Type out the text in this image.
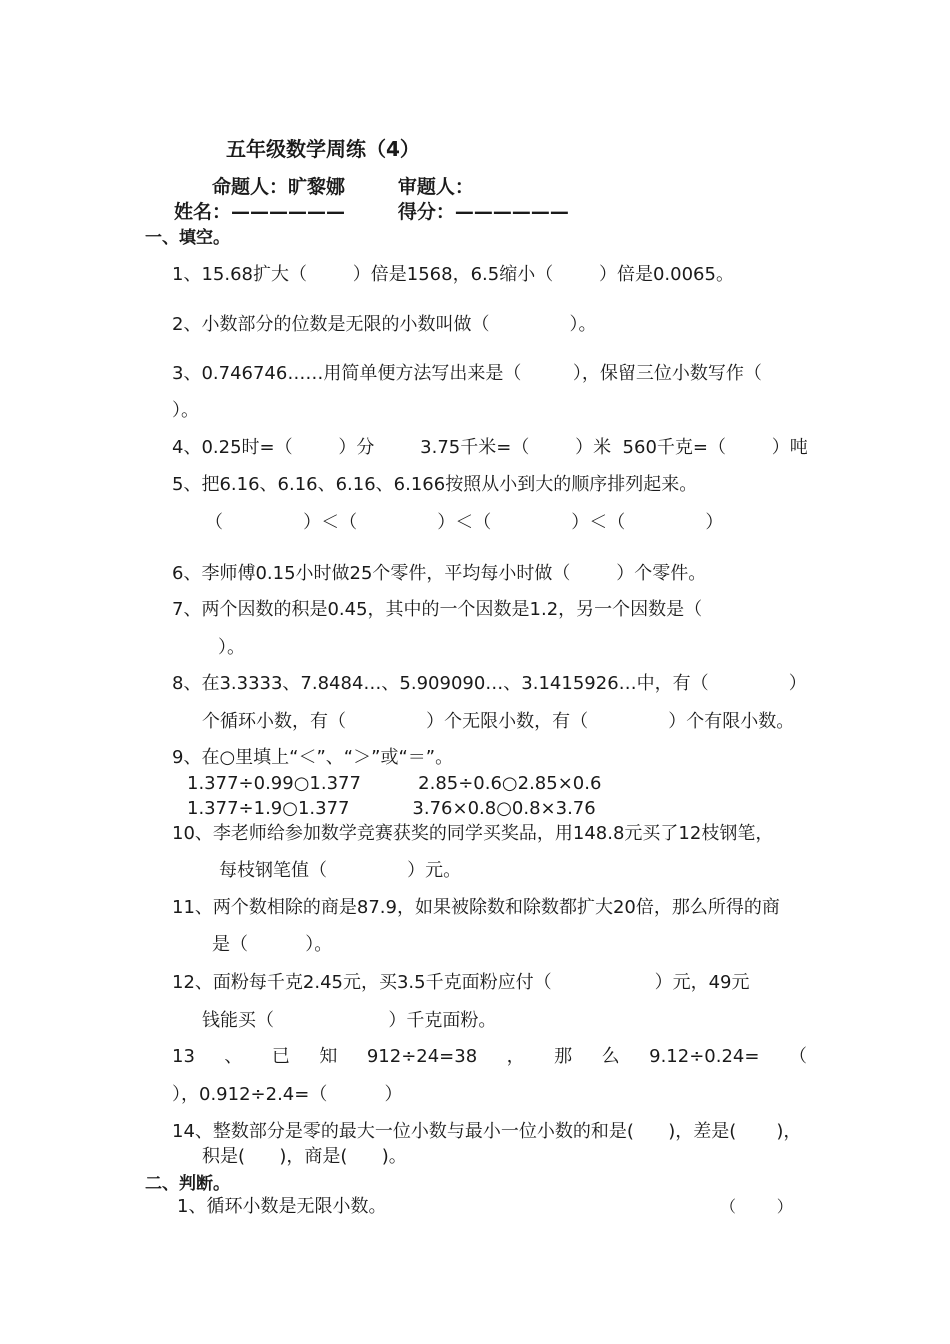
五年级数学周练（4）
命题人：旷黎娜        审题人：
姓名：——————        得分：——————
一、填空。
1、15.68扩大（        ）倍是1568，6.5缩小（        ）倍是0.0065。
2、小数部分的位数是无限的小数叫做（              ）。
3、0.746746……用简单便方法写出来是（         ），保留三位小数写作（
）。
4、0.25时=（        ）分        3.75千米=（        ）米  560千克=（        ）吨
5、把6.16、6.16、6.16、6.166按照从小到大的顺序排列起来。
（              ）＜（              ）＜（              ）＜（              ）
6、李师傅0.15小时做25个零件，平均每小时做（        ）个零件。
7、两个因数的积是0.45，其中的一个因数是1.2，另一个因数是（
）。
8、在3.3333、7.8484…、5.909090…、3.1415926…中，有（              ）
个循环小数，有（              ）个无限小数，有（              ）个有限小数。
9、在○里填上“＜”、“＞”或“＝”。
1.377÷0.99○1.377          2.85÷0.6○2.85×0.6
1.377÷1.9○1.377           3.76×0.8○0.8×3.76
10、李老师给参加数学竞赛获奖的同学买奖品，用148.8元买了12枝钢笔，
每枝钢笔值（              ）元。
11、两个数相除的商是87.9，如果被除数和除数都扩大20倍，那么所得的商
是（          ）。
12、面粉每千克2.45元，买3.5千克面粉应付（                  ）元，49元
钱能买（                    ）千克面粉。
13 、 已 知 912÷24=38 ， 那 么 9.12÷0.24= （
），0.912÷2.4=（          ）
14、整数部分是零的最大一位小数与最小一位小数的和是(      )，差是(       )，
积是(      )，商是(      )。
二、判断。
1、循环小数是无限小数。	（        ）
